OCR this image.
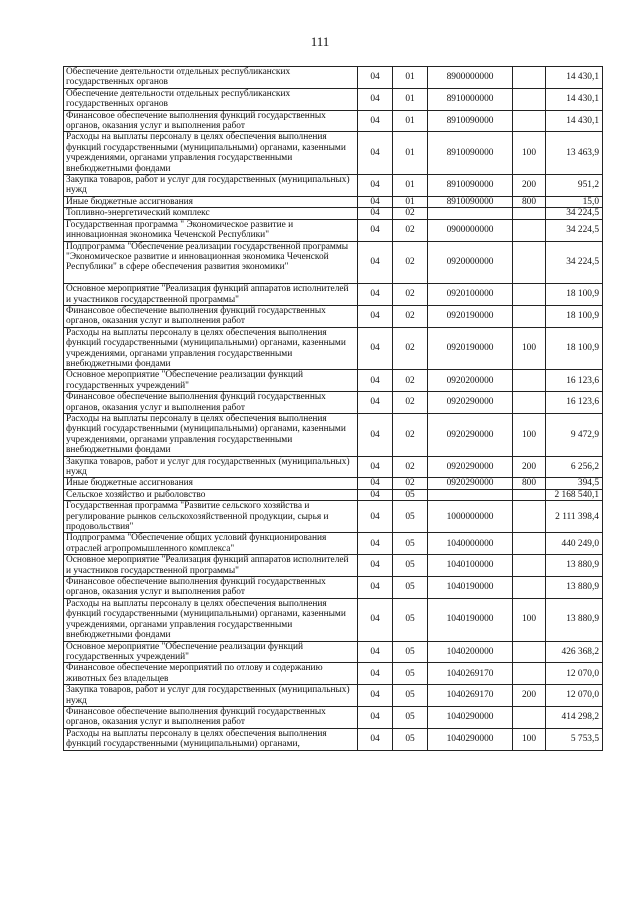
111
Обеспечение деятельности отдельных республиканских государственных органов	04	01	8900000000		14 430,1
Обеспечение деятельности отдельных республиканских государственных органов	04	01	8910000000		14 430,1
Финансовое обеспечение выполнения функций государственных органов, оказания услуг и выполнения работ	04	01	8910090000		14 430,1
Расходы на выплаты персоналу в целях обеспечения выполнения функций государственными (муниципальными) органами, казенными учреждениями, органами управления государственными внебюджетными фондами	04	01	8910090000	100	13 463,9
Закупка товаров, работ и услуг для государственных (муниципальных) нужд	04	01	8910090000	200	951,2
Иные бюджетные ассигнования	04	01	8910090000	800	15,0
Топливно-энергетический комплекс	04	02			34 224,5
Государственная программа " Экономическое развитие и инновационная экономика Чеченской Республики"	04	02	0900000000		34 224,5
Подпрограмма "Обеспечение реализации государственной программы "Экономическое развитие и инновационная экономика Чеченской Республики" в сфере обеспечения развития экономики"	04	02	0920000000		34 224,5
Основное мероприятие "Реализация функций аппаратов исполнителей и участников государственной программы"	04	02	0920100000		18 100,9
Финансовое обеспечение выполнения функций государственных органов, оказания услуг и выполнения работ	04	02	0920190000		18 100,9
Расходы на выплаты персоналу в целях обеспечения выполнения функций государственными (муниципальными) органами, казенными учреждениями, органами управления государственными внебюджетными фондами	04	02	0920190000	100	18 100,9
Основное мероприятие "Обеспечение реализации функций государственных учреждений"	04	02	0920200000		16 123,6
Финансовое обеспечение выполнения функций государственных органов, оказания услуг и выполнения работ	04	02	0920290000		16 123,6
Расходы на выплаты персоналу в целях обеспечения выполнения функций государственными (муниципальными) органами, казенными учреждениями, органами управления государственными внебюджетными фондами	04	02	0920290000	100	9 472,9
Закупка товаров, работ и услуг для государственных (муниципальных) нужд	04	02	0920290000	200	6 256,2
Иные бюджетные ассигнования	04	02	0920290000	800	394,5
Сельское хозяйство и рыболовство	04	05			2 168 540,1
Государственная программа "Развитие сельского хозяйства и регулирование рынков сельскохозяйственной продукции, сырья и продовольствия"	04	05	1000000000		2 111 398,4
Подпрограмма "Обеспечение общих условий функционирования отраслей агропромышленного комплекса"	04	05	1040000000		440 249,0
Основное мероприятие "Реализация функций аппаратов исполнителей и участников государственной программы"	04	05	1040100000		13 880,9
Финансовое обеспечение выполнения функций государственных органов, оказания услуг и выполнения работ	04	05	1040190000		13 880,9
Расходы на выплаты персоналу в целях обеспечения выполнения функций государственными (муниципальными) органами, казенными учреждениями, органами управления государственными внебюджетными фондами	04	05	1040190000	100	13 880,9
Основное мероприятие "Обеспечение реализации функций государственных учреждений"	04	05	1040200000		426 368,2
Финансовое обеспечение мероприятий по отлову и содержанию животных без владельцев	04	05	1040269170		12 070,0
Закупка товаров, работ и услуг для государственных (муниципальных) нужд	04	05	1040269170	200	12 070,0
Финансовое обеспечение выполнения функций государственных органов, оказания услуг и выполнения работ	04	05	1040290000		414 298,2
Расходы на выплаты персоналу в целях обеспечения выполнения функций государственными (муниципальными) органами,	04	05	1040290000	100	5 753,5
